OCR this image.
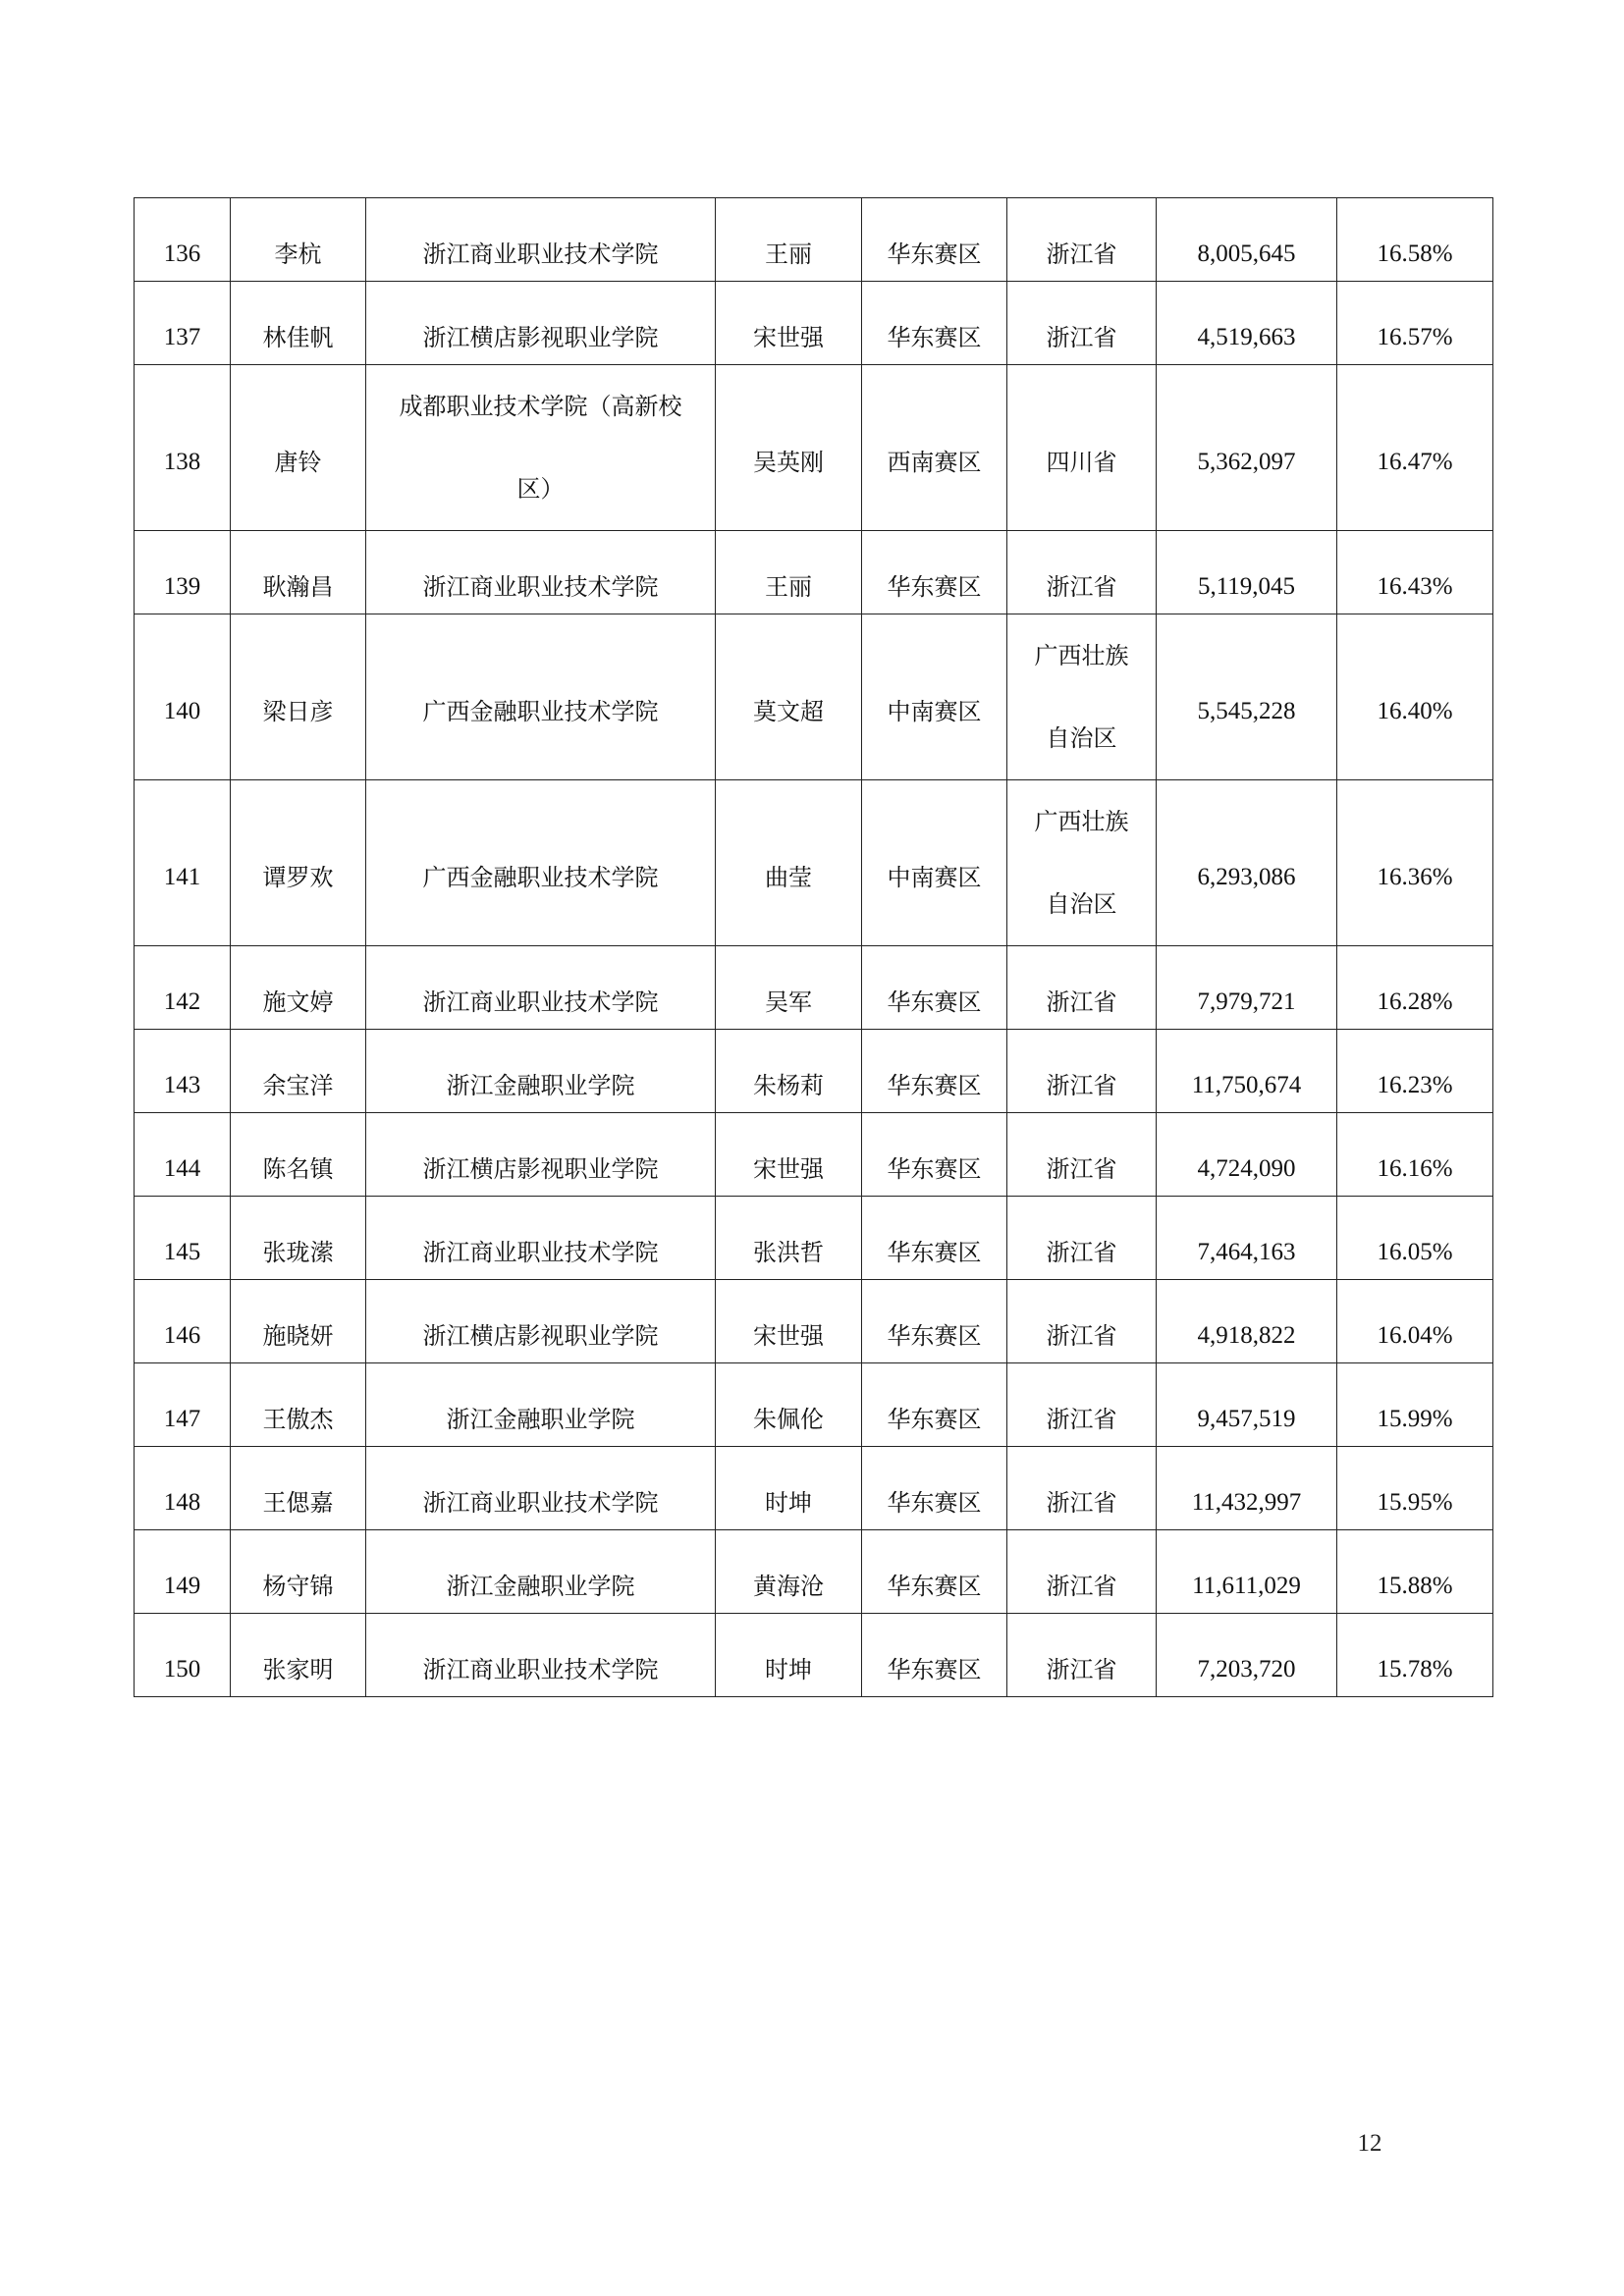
136	李杭	浙江商业职业技术学院	王丽	华东赛区	浙江省	8,005,645	16.58%
137	林佳帆	浙江横店影视职业学院	宋世强	华东赛区	浙江省	4,519,663	16.57%
138	唐铃	成都职业技术学院（高新校区）	吴英刚	西南赛区	四川省	5,362,097	16.47%
139	耿瀚昌	浙江商业职业技术学院	王丽	华东赛区	浙江省	5,119,045	16.43%
140	梁日彦	广西金融职业技术学院	莫文超	中南赛区	广西壮族自治区	5,545,228	16.40%
141	谭罗欢	广西金融职业技术学院	曲莹	中南赛区	广西壮族自治区	6,293,086	16.36%
142	施文婷	浙江商业职业技术学院	吴军	华东赛区	浙江省	7,979,721	16.28%
143	余宝洋	浙江金融职业学院	朱杨莉	华东赛区	浙江省	11,750,674	16.23%
144	陈名镇	浙江横店影视职业学院	宋世强	华东赛区	浙江省	4,724,090	16.16%
145	张珑潆	浙江商业职业技术学院	张洪哲	华东赛区	浙江省	7,464,163	16.05%
146	施晓妍	浙江横店影视职业学院	宋世强	华东赛区	浙江省	4,918,822	16.04%
147	王傲杰	浙江金融职业学院	朱佩伦	华东赛区	浙江省	9,457,519	15.99%
148	王偲嘉	浙江商业职业技术学院	时坤	华东赛区	浙江省	11,432,997	15.95%
149	杨守锦	浙江金融职业学院	黄海沧	华东赛区	浙江省	11,611,029	15.88%
150	张家明	浙江商业职业技术学院	时坤	华东赛区	浙江省	7,203,720	15.78%
12
